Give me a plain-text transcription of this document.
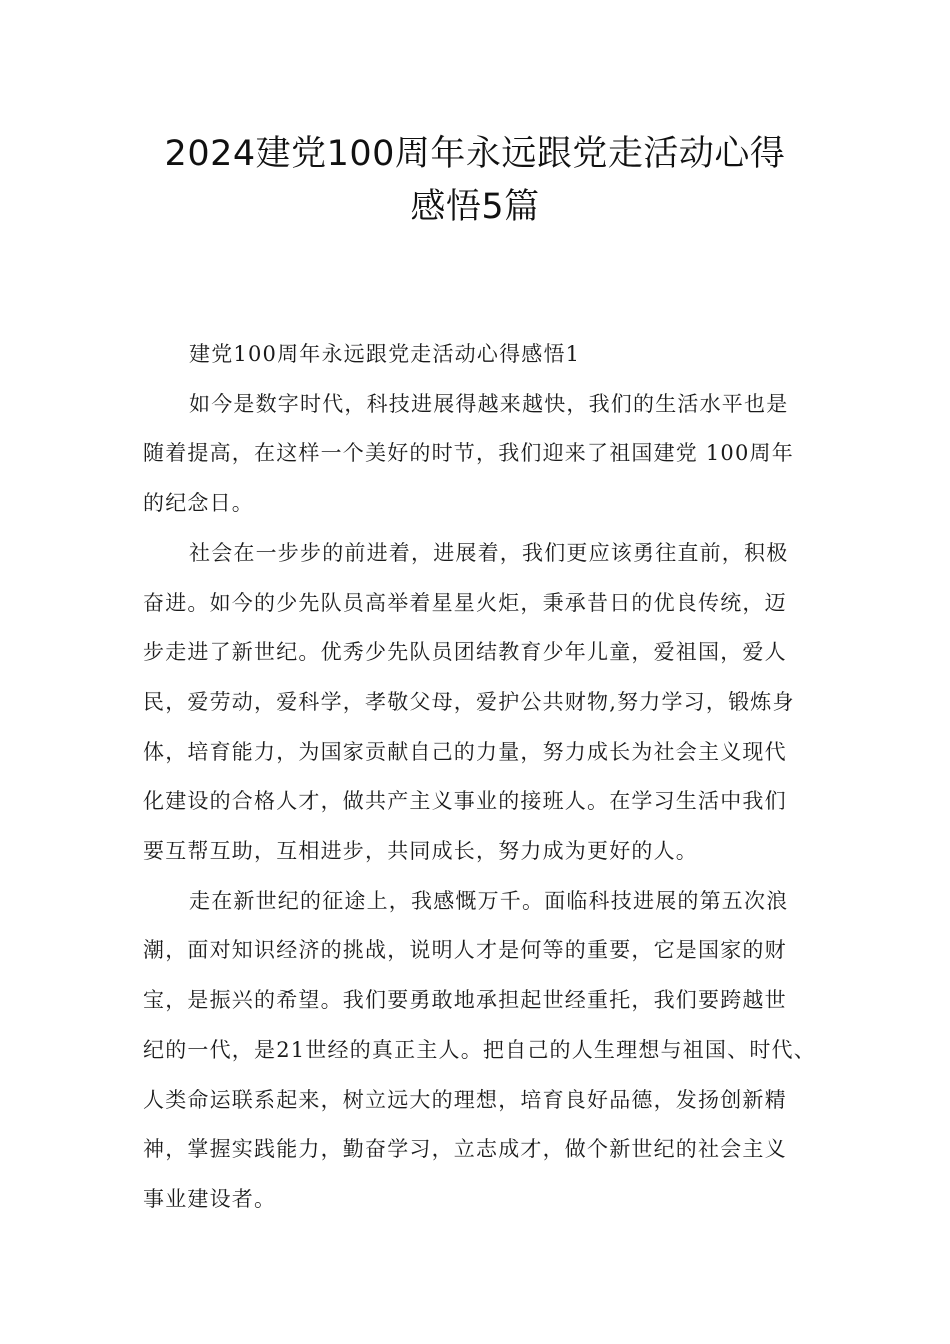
2024建党100周年永远跟党走活动心得
感悟5篇

建党100周年永远跟党走活动心得感悟1

如今是数字时代，科技进展得越来越快，我们的生活水平也是
随着提高，在这样一个美好的时节，我们迎来了祖国建党 100周年
的纪念日。

社会在一步步的前进着，进展着，我们更应该勇往直前，积极
奋进。如今的少先队员高举着星星火炬，秉承昔日的优良传统，迈
步走进了新世纪。优秀少先队员团结教育少年儿童，爱祖国，爱人
民，爱劳动，爱科学，孝敬父母，爱护公共财物,努力学习，锻炼身
体，培育能力，为国家贡献自己的力量，努力成长为社会主义现代
化建设的合格人才，做共产主义事业的接班人。在学习生活中我们
要互帮互助，互相进步，共同成长，努力成为更好的人。

走在新世纪的征途上，我感慨万千。面临科技进展的第五次浪
潮，面对知识经济的挑战，说明人才是何等的重要，它是国家的财
宝，是振兴的希望。我们要勇敢地承担起世经重托，我们要跨越世
纪的一代，是21世经的真正主人。把自己的人生理想与祖国、时代、
人类命运联系起来，树立远大的理想，培育良好品德，发扬创新精
神，掌握实践能力，勤奋学习，立志成才，做个新世纪的社会主义
事业建设者。
